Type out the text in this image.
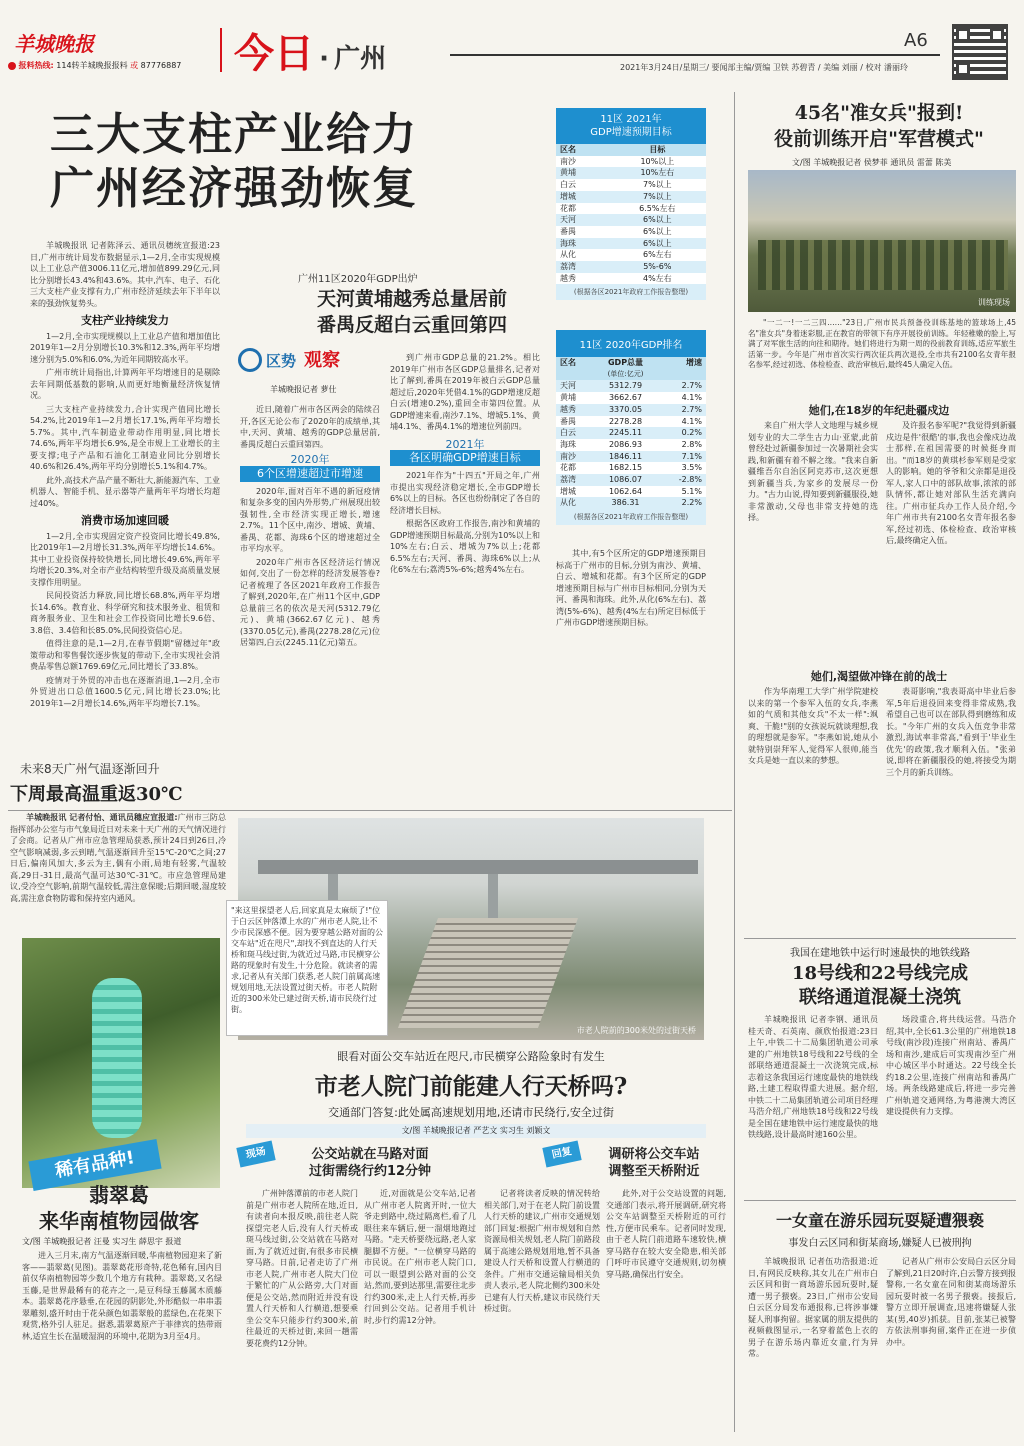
羊城晚报
报料热线: 114转羊城晚报报料 或 87776887 今日 · 广州
A6
2021年3月24日/星期三/ 要闻部主编/贾编 卫铁 苏碧青 / 美编 刘丽 / 校对 潘丽玲
三大支柱产业给力
广州经济强劲恢复

羊城晚报讯 记者陈泽云、通讯员穗统宣报道:23日,广州市统计局发布数据显示,1—2月,全市实现规模以上工业总产值3006.11亿元,增加值899.29亿元,同比分别增长43.4%和43.6%。其中,汽车、电子、石化三大支柱产业支撑有力,广州市经济延续去年下半年以来的强劲恢复势头。

支柱产业持续发力

1—2月,全市实现规模以上工业总产值和增加值比2019年1—2月分别增长10.3%和12.3%,两年平均增速分别为5.0%和6.0%,为近年同期较高水平。

广州市统计局指出,计算两年平均增速目的是剔除去年同期低基数的影响,从而更好地衡量经济恢复情况。

三大支柱产业持续发力,合计实现产值同比增长54.2%,比2019年1—2月增长17.1%,两年平均增长5.7%。其中,汽车制造业带动作用明显,同比增长74.6%,两年平均增长6.9%,是全市规上工业增长的主要支撑;电子产品和石油化工制造业同比分别增长40.6%和26.4%,两年平均分别增长5.1%和4.7%。

此外,高技术产品产量不断壮大,新能源汽车、工业机器人、智能手机、显示器等产量两年平均增长均超过40%。

消费市场加速回暖

1—2月,全市实现固定资产投资同比增长49.8%,比2019年1—2月增长31.3%,两年平均增长14.6%。其中工业投资保持较快增长,同比增长49.6%,两年平均增长20.3%,对全市产业结构转型升级及高质量发展支撑作用明显。

民间投资活力释放,同比增长68.8%,两年平均增长14.6%。教育业、科学研究和技术服务业、租赁和商务服务业、卫生和社会工作投资同比增长9.6倍、3.8倍、3.4倍和长85.0%,民间投资信心足。

值得注意的是,1—2月,在春节假期"留穗过年"政策带动和零售餐饮逐步恢复的带动下,全市实现社会消费品零售总额1769.69亿元,同比增长了33.8%。

疫情对于外贸的冲击也在逐渐消退,1—2月,全市外贸进出口总值1600.5亿元,同比增长23.0%;比2019年1—2月增长14.6%,两年平均增长7.1%。

广州11区2020年GDP出炉
天河黄埔越秀总量居前
番禺反超白云重回第四
区势 观察
羊城晚报记者 萝仕

近日,随着广州市各区两会的陆续召开,各区无论公布了2020年的成绩单,其中,天河、黄埔、越秀的GDP总量居前,番禺反超白云重回第四。

2020年
6个区增速超过市增速

2020年,面对百年不遇的新冠疫情和复杂多变的国内外形势,广州展现出较强韧性,全市经济实现正增长,增速2.7%。11个区中,南沙、增城、黄埔、番禺、花都、海珠6个区的增速超过全市平均水平。

2020年广州市各区经济运行情况如何,交出了一份怎样的经济发展答卷?记者梳理了各区2021年政府工作报告了解到,2020年,在广州11个区中,GDP总量前三名的依次是天河(5312.79亿元)、黄埔(3662.67亿元)、越秀(3370.05亿元),番禺(2278.28亿元)位居第四,白云(2245.11亿元)第五。

到广州市GDP总量的21.2%。相比2019年广州市各区GDP总量排名,记者对比了解到,番禺在2019年被白云GDP总量超过后,2020年凭借4.1%的GDP增速反超白云(增速0.2%),重回全市第四位置。从GDP增速来看,南沙7.1%、增城5.1%、黄埔4.1%、番禺4.1%的增速位列前四。

2021年
各区明确GDP增速目标

2021年作为"十四五"开局之年,广州市提出实现经济稳定增长,全市GDP增长6%以上的目标。各区也纷纷制定了各自的经济增长目标。

根据各区政府工作报告,南沙和黄埔的GDP增速预期目标最高,分别为10%以上和10%左右;白云、增城为7%以上;花都6.5%左右;天河、番禺、海珠6%以上;从化6%左右;荔湾5%-6%;越秀4%左右。

11区 2021年
GDP增速预期目标
区名	目标
南沙	10%以上
黄埔	10%左右
白云	7%以上
增城	7%以上
花都	6.5%左右
天河	6%以上
番禺	6%以上
海珠	6%以上
从化	6%左右
荔湾	5%-6%
越秀	4%左右
(根据各区2021年政府工作报告整理)
11区 2020年GDP排名
区名	GDP总量	增速
	(单位:亿元)	
天河	5312.79	2.7%
黄埔	3662.67	4.1%
越秀	3370.05	2.7%
番禺	2278.28	4.1%
白云	2245.11	0.2%
海珠	2086.93	2.8%
南沙	1846.11	7.1%
花都	1682.15	3.5%
荔湾	1086.07	-2.8%
增城	1062.64	5.1%
从化	386.31	2.2%
(根据各区2021年政府工作报告整理)

其中,有5个区所定的GDP增速预期目标高于广州市的目标,分别为南沙、黄埔、白云、增城和花都。有3个区所定的GDP增速预期目标与广州市目标相同,分别为天河、番禺和海珠。此外,从化(6%左右)、荔湾(5%-6%)、越秀(4%左右)所定目标低于广州市GDP增速预期目标。

45名"准女兵"报到!
役前训练开启"军营模式"
文/图 羊城晚报记者 侯梦菲 通讯员 雷蕾 陈美
训练现场

"一二一!一二三四……"23日,广州市民兵预备役训练基地的篮球场上,45名"准女兵"身着迷彩服,正在教官的带领下有序开展役前训练。年轻稚嫩的脸上,写满了对军旅生活的向往和期待。她们将进行为期一周的役前教育训练,适应军旅生活第一步。今年是广州市首次实行两次征兵两次退役,全市共有2100名女青年报名参军,经过初选、体检检查、政治审核后,最终45人确定入伍。

她们,在18岁的年纪赴疆戍边

来自广州大学人文地理与城乡规划专业的大二学生古力山·亚蒙,此前曾经赴过新疆参加过一次暑期社会实践,和新疆有着不解之缘。"我来自新疆维吾尔自治区阿克苏市,这次更想到新疆当兵,为家乡的发展尽一份力。"古力山说,得知要到新疆服役,她非常激动,父母也非常支持她的选择。

及许报名参军呢?"我觉得到新疆戍边是件'很酷'的事,我也会像戍边战士那样,在祖国需要的时候挺身而出。"而18岁的黄琪杉参军则是受家人的影响。她的爷爷和父亲都是退役军人,家人口中的部队故事,浓浓的部队情怀,都让她对部队生活充满向往。广州市征兵办工作人员介绍,今年广州市共有2100名女青年报名参军,经过初选、体检检查、政治审核后,最终确定入伍。

她们,渴望做冲锋在前的战士

作为华南理工大学广州学院建校以来的第一个参军入伍的女兵,李燕如的气质和其他女兵"不太一样":飒爽、干脆!"别的女孩说玩就谈理想,我的理想就是参军。"李燕如说,她从小就特别崇拜军人,觉得军人很帅,能当女兵是她一直以来的梦想。

表哥影响,"我表哥高中毕业后参军,5年后退役回来变得非常成熟,我希望自己也可以在部队得到磨练和成长。"今年广州的女兵入伍竞争非常激烈,海试率非常高,"看到于'毕业生优先'的政策,我才顺利入伍。"张弟说,即将在新疆服役的她,将接受为期三个月的新兵训练。

未来8天广州气温逐渐回升
下周最高温重返30℃

羊城晚报讯 记者付怡、通讯员穗应宣报道:广州市三防总指挥部办公室与市气象局近日对未来十天广州的天气情况进行了会商。记者从广州市应急管理局获悉,预计24日到26日,冷空气影响减弱,多云到晴,气温逐渐回升至15℃-20℃之间;27日后,偏南风加大,多云为主,偶有小雨,局地有轻雾,气温较高,29日-31日,最高气温可达30℃-31℃。市应急管理局建议,受冷空气影响,前期气温较低,需注意保暖;后期回暖,湿度较高,需注意食物防霉和保持室内通风。

稀有品种!
翡翠葛
来华南植物园做客
文/图 羊城晚报记者 汪曼 实习生 薛思宇 报道

进入三月末,南方气温逐渐回暖,华南植物园迎来了新客——翡翠葛(见图)。翡翠葛花形奇特,花色稀有,国内目前仅华南植物园等少数几个地方有栽种。翡翠葛,又名绿玉藤,是世界最稀有的花卉之一,是豆科绿玉藤属木质藤本。翡翠葛花序悬垂,在花园的阴影处,外形酷似一串串翡翠雕刻,盛开时由于花朵颜色如翡翠般的蓝绿色,在花架下观赏,格外引人驻足。据悉,翡翠葛原产于菲律宾的热带雨林,适宜生长在温暖湿润的环境中,花期为3月至4月。

市老人院前的300米处的过街天桥
"来这里探望老人后,回家真是太麻烦了!"位于白云区钟落潭上水的广州市老人院,让不少市民深感不便。因为要穿越公路对面的公交车站"近在咫尺",却找不到直达的人行天桥和斑马线过街,为就近过马路,市民横穿公路的现象时有发生,十分危险。就读者的需求,记者从有关部门获悉,老人院门前属高速规划用地,无法设置过街天桥。市老人院附近的300米处已建过街天桥,请市民绕行过街。
眼看对面公交车站近在咫尺,市民横穿公路险象时有发生
市老人院门前能建人行天桥吗?
交通部门答复:此处属高速规划用地,还请市民绕行,安全过街
文/图 羊城晚报记者 严艺文 实习生 刘颖文
现场	公交站就在马路对面
过街需绕行约12分钟

广州钟落潭前的市老人院门前是广州市老人院所在地,近日,有读者向本报反映,前往老人院探望完老人后,没有人行天桥或斑马线过街,公交站就在马路对面,为了就近过街,有很多市民横穿马路。日前,记者走访了广州市老人院,广州市老人院大门位于繁忙的广从公路旁,大门对面便是公交站,然而附近并没有设置人行天桥和人行横道,想要乘坐公交车只能步行约300米,前往最近的天桥过街,来回一趟需要花费约12分钟。

近,对面就是公交车站,记者从广州市老人院离开时,一位大爷走到路中,绕过隔离栏,看了几眼往来车辆后,便一溜烟地跑过马路。"走天桥要绕远路,老人家腿脚不方便。"一位横穿马路的市民说。在广州市老人院门口,可以一眼望到公路对面的公交站,然而,要到达那里,需要往北步行约300米,走上人行天桥,再步行回到公交站。记者用手机计时,步行约需12分钟。

回复	调研将公交车站
调整至天桥附近

记者将读者反映的情况转给相关部门,对于在老人院门前设置人行天桥的建议,广州市交通规划部门回复:根据广州市规划和自然资源局相关规划,老人院门前路段属于高速公路规划用地,暂不具备建设人行天桥和设置人行横道的条件。广州市交通运输局相关负责人表示,老人院北侧约300米处已建有人行天桥,建议市民绕行天桥过街。

此外,对于公交站设置的问题,交通部门表示,将开展调研,研究将公交车站调整至天桥附近的可行性,方便市民乘车。记者同时发现,由于老人院门前道路车速较快,横穿马路存在较大安全隐患,相关部门呼吁市民遵守交通规则,切勿横穿马路,确保出行安全。

我国在建地铁中运行时速最快的地铁线路
18号线和22号线完成
联络通道混凝土浇筑

羊城晚报讯 记者李钢、通讯员桂天奇、石英南、颜欣怡报道:23日上午,中铁二十二局集团轨道公司承建的广州地铁18号线和22号线的全部联络通道混凝土一次浇筑完成,标志着这条我国运行速度最快的地铁线路,土建工程取得重大进展。据介绍,中铁二十二局集团轨道公司项目经理马浩介绍,广州地铁18号线和22号线是全国在建地铁中运行速度最快的地铁线路,设计最高时速160公里。

场段重合,将共线运营。马浩介绍,其中,全长61.3公里的广州地铁18号线(南沙段)连接广州南站、番禺广场和南沙,建成后可实现南沙至广州中心城区半小时通达。22号线全长约18.2公里,连接广州南站和番禺广场。两条线路建成后,将进一步完善广州轨道交通网络,为粤港澳大湾区建设提供有力支撑。

一女童在游乐园玩耍疑遭猥亵
事发白云区同和街某商场,嫌疑人已被刑拘

羊城晚报讯 记者伍功浩报道:近日,有网民反映称,其女儿在广州市白云区同和街一商场游乐园玩耍时,疑遭一男子猥亵。23日,广州市公安局白云区分局发布通报称,已将涉事嫌疑人刑事拘留。据家属的朋友提供的视频截图显示,一名穿着蓝色上衣的男子在游乐场内靠近女童,行为异常。

记者从广州市公安局白云区分局了解到,21日20时许,白云警方接到报警称,一名女童在同和街某商场游乐园玩耍时被一名男子猥亵。接报后,警方立即开展调查,迅速将嫌疑人张某(男,40岁)抓获。目前,张某已被警方依法刑事拘留,案件正在进一步侦办中。
